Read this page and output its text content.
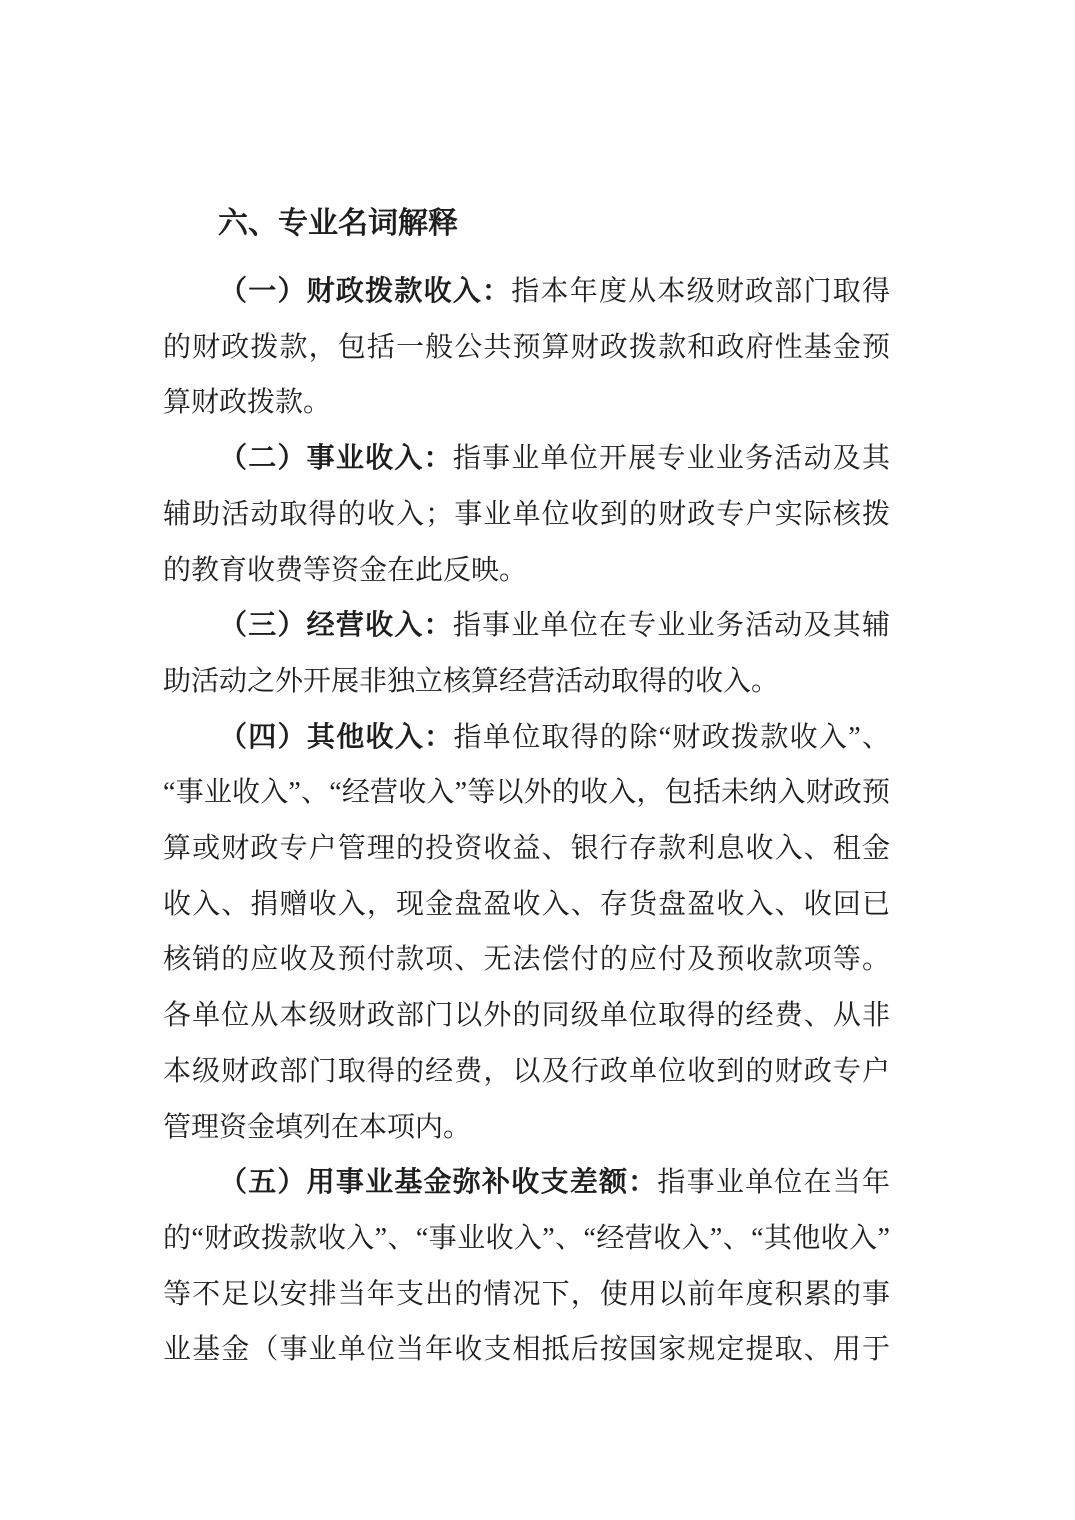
六、专业名词解释
（一）财政拨款收入：指本年度从本级财政部门取得
的财政拨款，包括一般公共预算财政拨款和政府性基金预
算财政拨款。
（二）事业收入：指事业单位开展专业业务活动及其
辅助活动取得的收入；事业单位收到的财政专户实际核拨
的教育收费等资金在此反映。
（三）经营收入：指事业单位在专业业务活动及其辅
助活动之外开展非独立核算经营活动取得的收入。
（四）其他收入：指单位取得的除“财政拨款收入”、
“事业收入”、“经营收入”等以外的收入，包括未纳入财政预
算或财政专户管理的投资收益、银行存款利息收入、租金
收入、捐赠收入，现金盘盈收入、存货盘盈收入、收回已
核销的应收及预付款项、无法偿付的应付及预收款项等。
各单位从本级财政部门以外的同级单位取得的经费、从非
本级财政部门取得的经费，以及行政单位收到的财政专户
管理资金填列在本项内。
（五）用事业基金弥补收支差额：指事业单位在当年
的“财政拨款收入”、“事业收入”、“经营收入”、“其他收入”
等不足以安排当年支出的情况下，使用以前年度积累的事
业基金（事业单位当年收支相抵后按国家规定提取、用于
